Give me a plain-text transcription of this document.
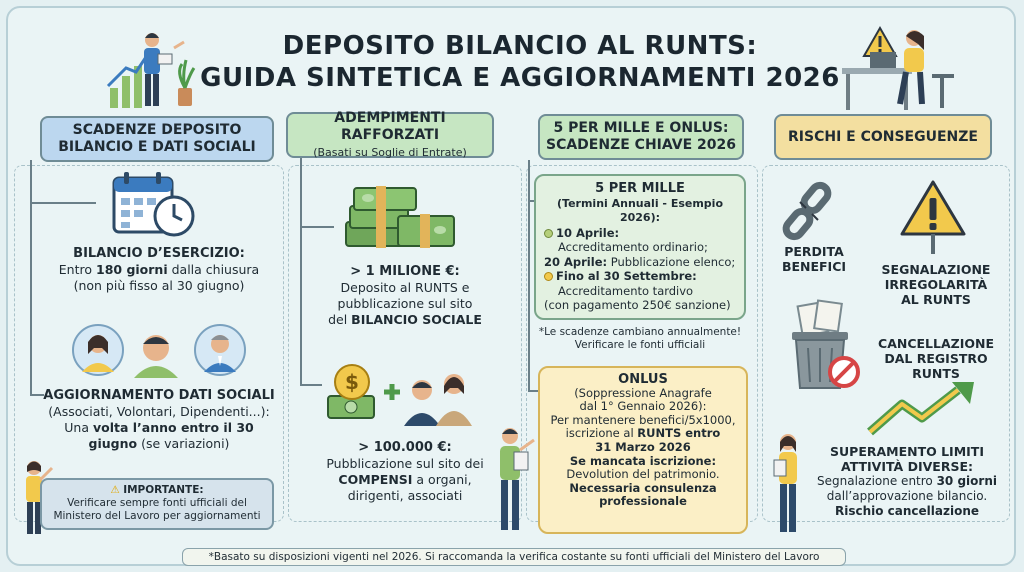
DEPOSITO BILANCIO AL RUNTS:
GUIDA SINTETICA E AGGIORNAMENTI 2026
SCADENZE DEPOSITO
BILANCIO E DATI SOCIALI
ADEMPIMENTI RAFFORZATI
(Basati su Soglie di Entrate)
5 PER MILLE E ONLUS:
SCADENZE CHIAVE 2026
RISCHI E CONSEGUENZE
BILANCIO D’ESERCIZIO:
Entro 180 giorni dalla chiusura
(non più fisso al 30 giugno)
AGGIORNAMENTO DATI SOCIALI
(Associati, Volontari, Dipendenti...):
Una volta l’anno entro il 30
giugno (se variazioni)
⚠ IMPORTANTE:
Verificare sempre fonti ufficiali del
Ministero del Lavoro per aggiornamenti
> 1 MILIONE €:
Deposito al RUNTS e
pubblicazione sul sito
del BILANCIO SOCIALE
$
> 100.000 €:
Pubblicazione sul sito dei
COMPENSI a organi,
dirigenti, associati
5 PER MILLE
(Termini Annuali - Esempio 2026):
10 Aprile:
Accreditamento ordinario;
20 Aprile: Pubblicazione elenco;
Fino al 30 Settembre:
Accreditamento tardivo
(con pagamento 250€ sanzione)
*Le scadenze cambiano annualmente!
Verificare le fonti ufficiali
ONLUS
(Soppressione Anagrafe
dal 1° Gennaio 2026):
Per mantenere benefici/5x1000,
iscrizione al RUNTS entro
31 Marzo 2026
Se mancata iscrizione:
Devolution del patrimonio.
Necessaria consulenza
professionale
PERDITA
BENEFICI	SEGNALAZIONE
IRREGOLARITÀ
AL RUNTS
CANCELLAZIONE
DAL REGISTRO
RUNTS
SUPERAMENTO LIMITI
ATTIVITÀ DIVERSE:
Segnalazione entro 30 giorni
dall’approvazione bilancio.
Rischio cancellazione
*Basato su disposizioni vigenti nel 2026. Si raccomanda la verifica costante su fonti ufficiali del Ministero del Lavoro
